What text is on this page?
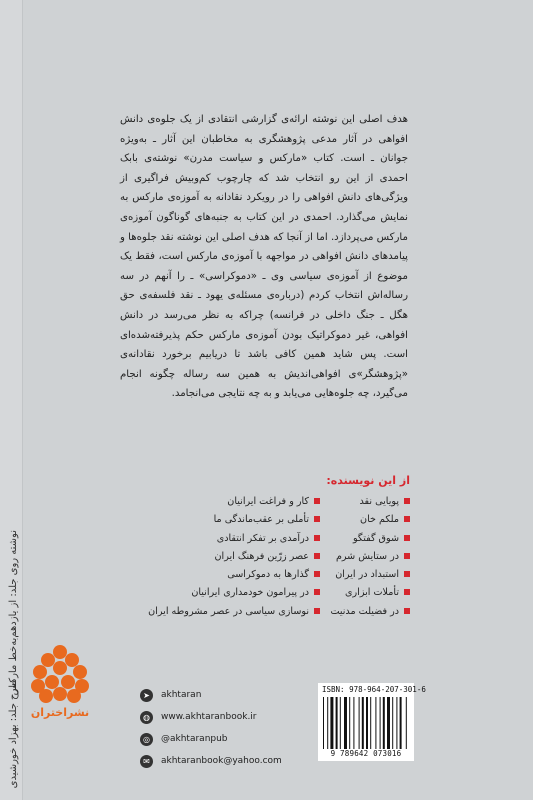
نوشته روی جلد: از یازدهم‌به‌خط مارکس
طرح جلد: بهزاد خورشیدی	نشراختران
هدف اصلی این نوشته ارائه‌ی گزارشی انتقادی از یک جلوه‌ی دانش افواهی در آثار مدعی پژوهشگری به مخاطبان این آثار ـ به‌ویژه جوانان ـ است. کتاب «مارکس و سیاست مدرن» نوشته‌ی بابک احمدی از این رو انتخاب شد که چارچوب کم‌وبیش فراگیری از ویژگی‌های دانش افواهی را در رویکرد نقادانه به آموزه‌ی مارکس به نمایش می‌گذارد. احمدی در این کتاب به جنبه‌های گوناگون آموزه‌ی مارکس می‌پردازد. اما از آنجا که هدف اصلی این نوشته نقد جلوه‌ها و پیامدهای دانش افواهی در مواجهه با آموزه‌ی مارکس است، فقط یک موضوع از آموزه‌ی سیاسی وی ـ «دموکراسی» ـ را آنهم در سه رساله‌اش انتخاب کردم (درباره‌ی مسئله‌ی یهود ـ نقد فلسفه‌ی حق هگل ـ جنگ داخلی در فرانسه) چراکه به نظر می‌رسد در دانش افواهی، غیر دموکراتیک بودن آموزه‌ی مارکس حکم پذیرفته‌شده‌ای است. پس شاید همین کافی باشد تا دریابیم برخورد نقادانه‌ی «پژوهشگر»ی افواهی‌اندیش به همین سه رساله چگونه انجام می‌گیرد، چه جلوه‌هایی می‌یابد و به چه نتایجی می‌انجامد.
از این نویسنده:
پویایی نقد
ملکم خان
شوق گفتگو
در ستایش شرم
استبداد در ایران
تأملات ابزاری
در فضیلت مدنیت
کار و فراغت ایرانیان
تأملی بر عقب‌ماندگی ما
درآمدی بر تفکر انتقادی
عصر زرّین فرهنگ ایران
گذارها به دموکراسی
در پیرامون خودمداری ایرانیان
نوسازی سیاسی در عصر مشروطه ایران
➤	akhtaran
◍	www.akhtaranbook.ir
◎	@akhtaranpub
✉	akhtaranbook@yahoo.com
ISBN: 978-964-207-301-6
9 789642 073016
